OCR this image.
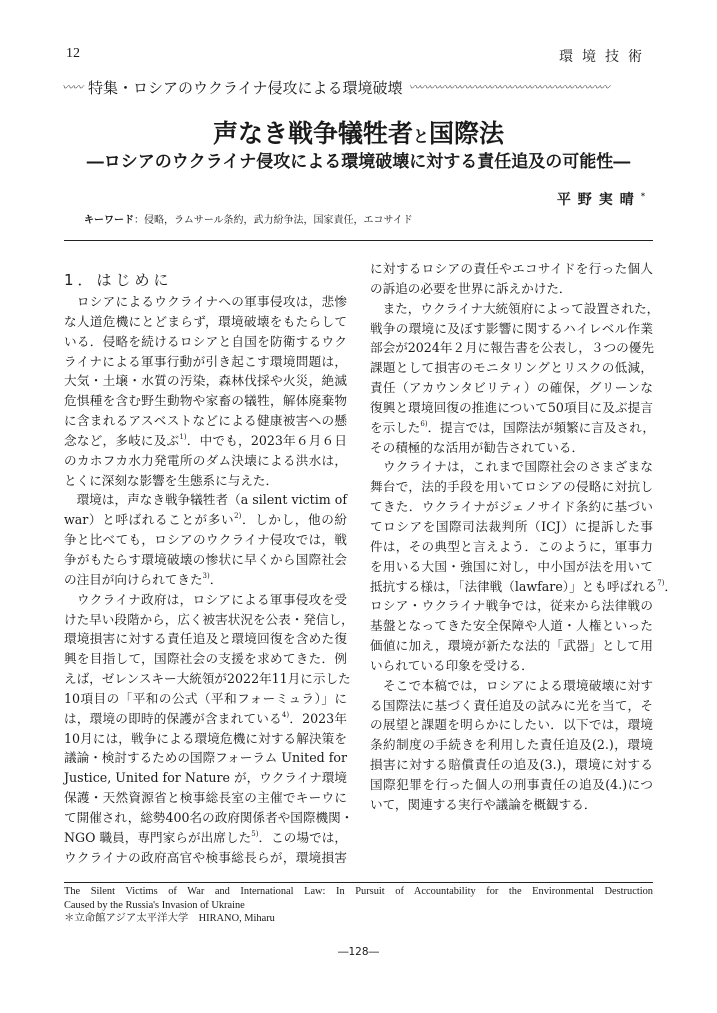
12	環境技術
〰〰 特集・ロシアのウクライナ侵攻による環境破壊 〰〰〰〰〰〰〰〰〰〰〰〰〰〰〰〰〰〰〰〰
声なき戦争犠牲者と国際法
―ロシアのウクライナ侵攻による環境破壊に対する責任追及の可能性―
平野実晴*
キーワード：侵略，ラムサール条約，武力紛争法，国家責任，エコサイド
1．はじめに
　ロシアによるウクライナへの軍事侵攻は，悲惨
な人道危機にとどまらず，環境破壊をもたらして
いる．侵略を続けるロシアと自国を防衛するウク
ライナによる軍事行動が引き起こす環境問題は，
大気・土壌・水質の汚染，森林伐採や火災，絶滅
危惧種を含む野生動物や家畜の犠牲，解体廃棄物
に含まれるアスベストなどによる健康被害への懸
念など，多岐に及ぶ$^{1)}$．中でも，2023年６月６日
のカホフカ水力発電所のダム決壊による洪水は，
とくに深刻な影響を生態系に与えた．
　環境は，声なき戦争犠牲者（a silent victim of
war）と呼ばれることが多い$^{2)}$．しかし，他の紛
争と比べても，ロシアのウクライナ侵攻では，戦
争がもたらす環境破壊の惨状に早くから国際社会
の注目が向けられてきた$^{3)}$．
　ウクライナ政府は，ロシアによる軍事侵攻を受
けた早い段階から，広く被害状況を公表・発信し，
環境損害に対する責任追及と環境回復を含めた復
興を目指して，国際社会の支援を求めてきた．例
えば，ゼレンスキー大統領が2022年11月に示した
10項目の「平和の公式（平和フォーミュラ）」に
は，環境の即時的保護が含まれている$^{4)}$．2023年
10月には，戦争による環境危機に対する解決策を
議論・検討するための国際フォーラム United for
Justice, United for Nature が，ウクライナ環境
保護・天然資源省と検事総長室の主催でキーウに
て開催され，総勢400名の政府関係者や国際機関・
NGO 職員，専門家らが出席した$^{5)}$．この場では，
ウクライナの政府高官や検事総長らが，環境損害
に対するロシアの責任やエコサイドを行った個人
の訴追の必要を世界に訴えかけた．
　また，ウクライナ大統領府によって設置された，
戦争の環境に及ぼす影響に関するハイレベル作業
部会が2024年２月に報告書を公表し，３つの優先
課題として損害のモニタリングとリスクの低減，
責任（アカウンタビリティ）の確保，グリーンな
復興と環境回復の推進について50項目に及ぶ提言
を示した$^{6)}$．提言では，国際法が頻繁に言及され，
その積極的な活用が勧告されている．
　ウクライナは，これまで国際社会のさまざまな
舞台で，法的手段を用いてロシアの侵略に対抗し
てきた．ウクライナがジェノサイド条約に基づい
てロシアを国際司法裁判所（ICJ）に提訴した事
件は，その典型と言えよう．このように，軍事力
を用いる大国・強国に対し，中小国が法を用いて
抵抗する様は，「法律戦（lawfare）」とも呼ばれる$^{7)}$．
ロシア・ウクライナ戦争では，従来から法律戦の
基盤となってきた安全保障や人道・人権といった
価値に加え，環境が新たな法的「武器」として用
いられている印象を受ける．
　そこで本稿では，ロシアによる環境破壊に対す
る国際法に基づく責任追及の試みに光を当て，そ
の展望と課題を明らかにしたい．以下では，環境
条約制度の手続きを利用した責任追及(2.)，環境
損害に対する賠償責任の追及(3.)，環境に対する
国際犯罪を行った個人の刑事責任の追及(4.)につ
いて，関連する実行や議論を概観する．
The Silent Victims of War and International Law: In Pursuit of Accountability for the Environmental Destruction
Caused by the Russia's Invasion of Ukraine
＊立命館アジア太平洋大学　HIRANO, Miharu
―128―
